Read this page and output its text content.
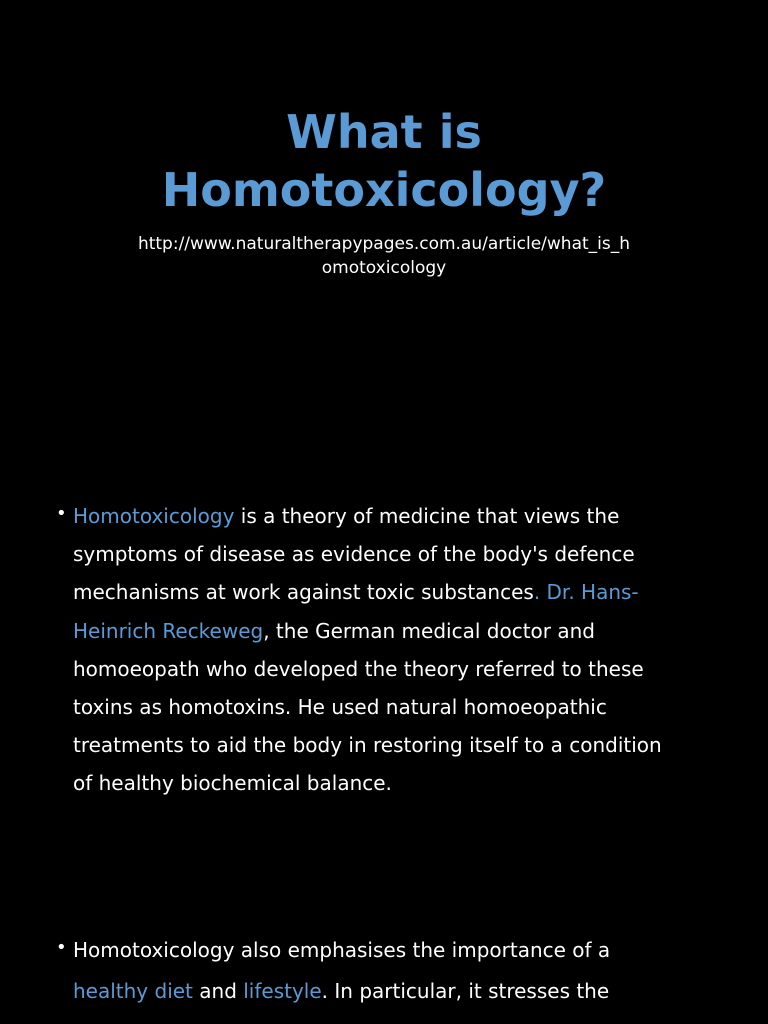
What is
Homotoxicology?
http://www.naturaltherapypages.com.au/article/what_is_h
omotoxicology
• Homotoxicology is a theory of medicine that views the
symptoms of disease as evidence of the body's defence
mechanisms at work against toxic substances. Dr. Hans-
Heinrich Reckeweg, the German medical doctor and
homoeopath who developed the theory referred to these
toxins as homotoxins. He used natural homoeopathic
treatments to aid the body in restoring itself to a condition
of healthy biochemical balance.
• Homotoxicology also emphasises the importance of a
healthy diet and lifestyle. In particular, it stresses the
